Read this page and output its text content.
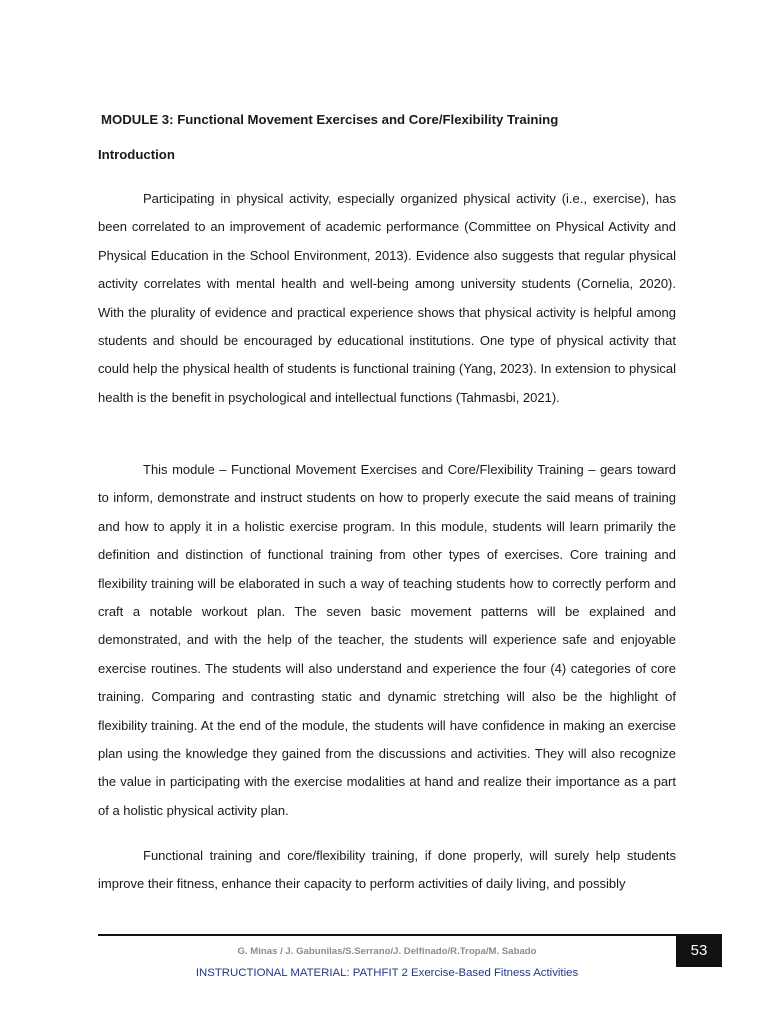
MODULE 3: Functional Movement Exercises and Core/Flexibility Training
Introduction

Participating in physical activity, especially organized physical activity (i.e., exercise), has been correlated to an improvement of academic performance (Committee on Physical Activity and Physical Education in the School Environment, 2013). Evidence also suggests that regular physical activity correlates with mental health and well-being among university students (Cornelia, 2020). With the plurality of evidence and practical experience shows that physical activity is helpful among students and should be encouraged by educational institutions. One type of physical activity that could help the physical health of students is functional training (Yang, 2023). In extension to physical health is the benefit in psychological and intellectual functions (Tahmasbi, 2021).

This module – Functional Movement Exercises and Core/Flexibility Training – gears toward to inform, demonstrate and instruct students on how to properly execute the said means of training and how to apply it in a holistic exercise program. In this module, students will learn primarily the definition and distinction of functional training from other types of exercises. Core training and flexibility training will be elaborated in such a way of teaching students how to correctly perform and craft a notable workout plan. The seven basic movement patterns will be explained and demonstrated, and with the help of the teacher, the students will experience safe and enjoyable exercise routines. The students will also understand and experience the four (4) categories of core training. Comparing and contrasting static and dynamic stretching will also be the highlight of flexibility training. At the end of the module, the students will have confidence in making an exercise plan using the knowledge they gained from the discussions and activities. They will also recognize the value in participating with the exercise modalities at hand and realize their importance as a part of a holistic physical activity plan.

Functional training and core/flexibility training, if done properly, will surely help students improve their fitness, enhance their capacity to perform activities of daily living, and possibly

53
G. Minas / J. Gabunilas/S.Serrano/J. Delfinado/R.Tropa/M. Sabado
INSTRUCTIONAL MATERIAL: PATHFIT 2 Exercise-Based Fitness Activities
